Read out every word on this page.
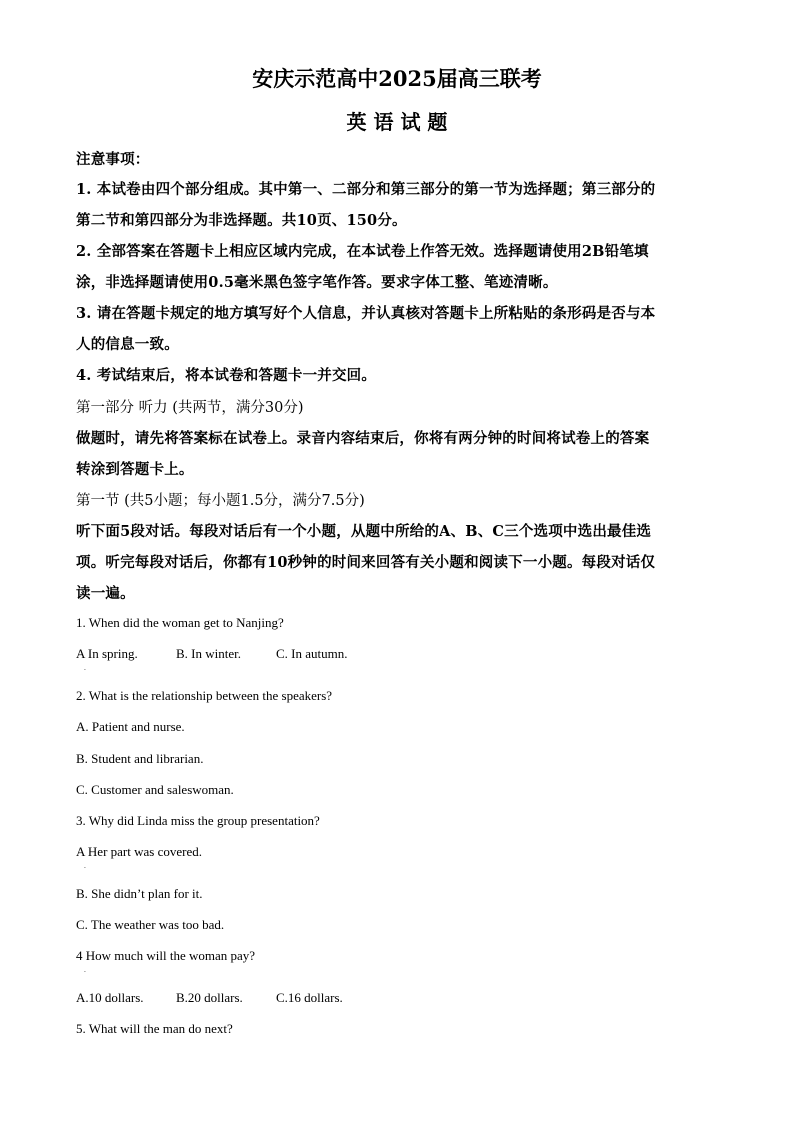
安庆示范高中2025届高三联考
英 语 试 题
注意事项：
1. 本试卷由四个部分组成。其中第一、二部分和第三部分的第一节为选择题；第三部分的
第二节和第四部分为非选择题。共10页、150分。
2. 全部答案在答题卡上相应区域内完成，在本试卷上作答无效。选择题请使用2B铅笔填
涂，非选择题请使用0.5毫米黑色签字笔作答。要求字体工整、笔迹清晰。
3. 请在答题卡规定的地方填写好个人信息，并认真核对答题卡上所粘贴的条形码是否与本
人的信息一致。
4. 考试结束后，将本试卷和答题卡一并交回。
第一部分 听力 (共两节，满分30分)
做题时，请先将答案标在试卷上。录音内容结束后，你将有两分钟的时间将试卷上的答案
转涂到答题卡上。
第一节 (共5小题；每小题1.5分，满分7.5分)
听下面5段对话。每段对话后有一个小题，从题中所给的A、B、C三个选项中选出最佳选
项。听完每段对话后，你都有10秒钟的时间来回答有关小题和阅读下一小题。每段对话仅
读一遍。
1. When did the woman get to Nanjing?
A In spring.	B. In winter.	C. In autumn.
·
2. What is the relationship between the speakers?
A. Patient and nurse.
B. Student and librarian.
C. Customer and saleswoman.
3. Why did Linda miss the group presentation?
A Her part was covered.
·
B. She didn’t plan for it.
C. The weather was too bad.
4 How much will the woman pay?
·
A.10 dollars. B.20 dollars.	C.16 dollars.
5. What will the man do next?
